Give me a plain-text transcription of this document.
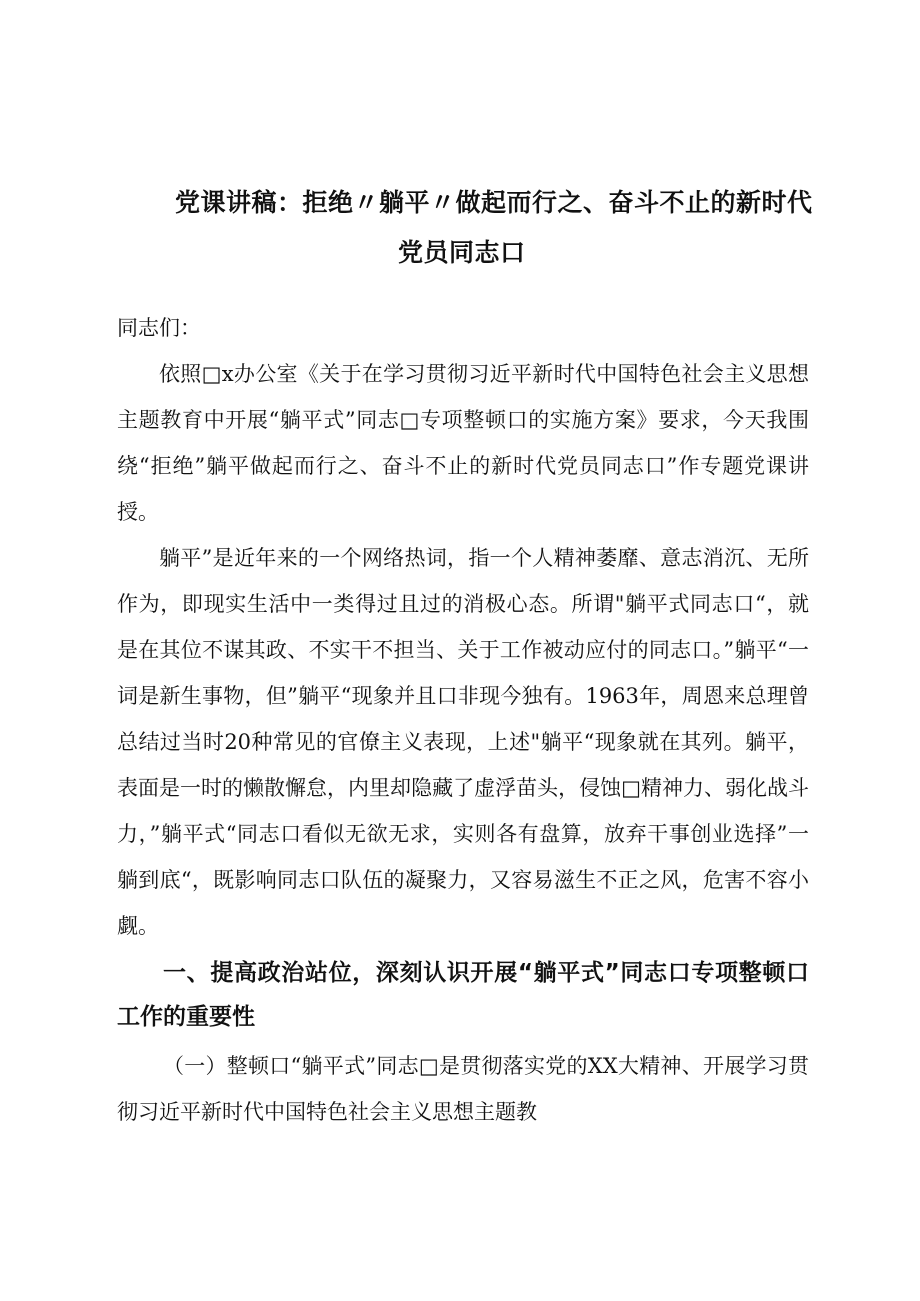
党课讲稿：拒绝〃躺平〃做起而行之、奋斗不止的新时代
党员同志口

同志们：

依照□x办公室《关于在学习贯彻习近平新时代中国特色社会主义思想主题教育中开展“躺平式”同志□专项整顿口的实施方案》要求，今天我围绕“拒绝”躺平做起而行之、奋斗不止的新时代党员同志口”作专题党课讲授。

躺平”是近年来的一个网络热词，指一个人精神萎靡、意志消沉、无所作为，即现实生活中一类得过且过的消极心态。所谓"躺平式同志口“，就是在其位不谋其政、不实干不担当、关于工作被动应付的同志口。”躺平“一词是新生事物，但”躺平“现象并且口非现今独有。1963年，周恩来总理曾总结过当时20种常见的官僚主义表现，上述"躺平“现象就在其列。躺平，表面是一时的懒散懈怠，内里却隐藏了虚浮苗头，侵蚀□精神力、弱化战斗力，”躺平式“同志口看似无欲无求，实则各有盘算，放弃干事创业选择”一躺到底“，既影响同志口队伍的凝聚力，又容易滋生不正之风，危害不容小觑。

一、提高政治站位，深刻认识开展“躺平式”同志口专项整顿口工作的重要性

（一）整顿口“躺平式”同志□是贯彻落实党的XX大精神、开展学习贯彻习近平新时代中国特色社会主义思想主题教
